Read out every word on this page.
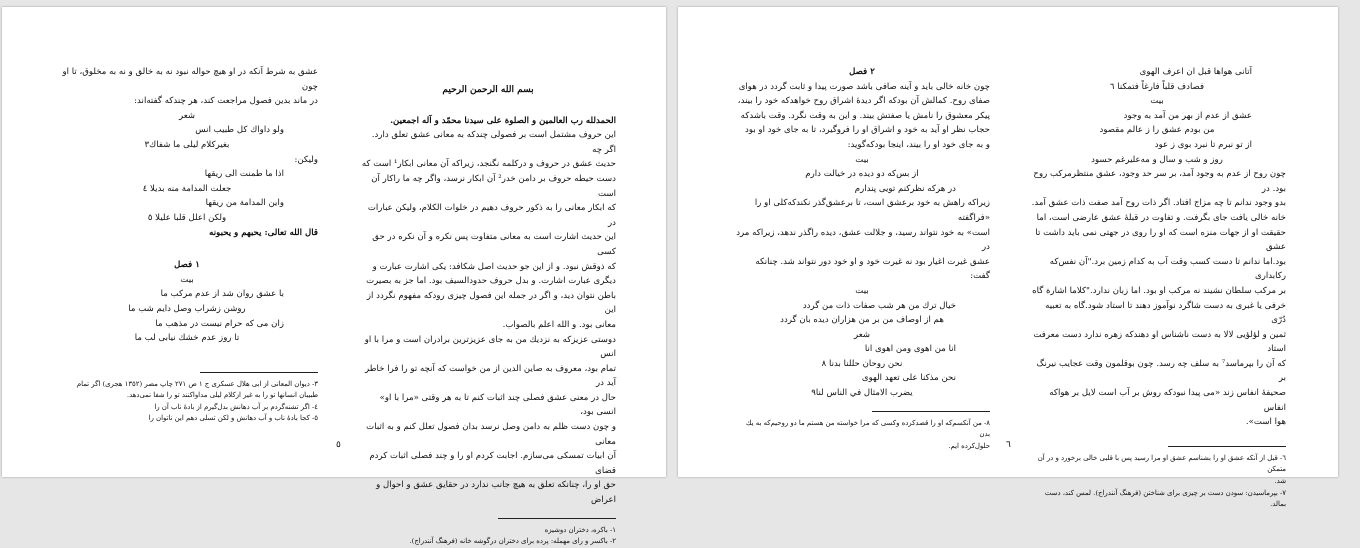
عشق به شرط آنکه در او هیچ حواله نبود نه به خالق و نه به مخلوق، تا او چون

در ماند بدین فصول مراجعت کند، هر چندکه گفته‌اند:

شعر

ولو داواك كل طبيب انس

بغيركلام ليلى ما شفاك٣

ولیکن:

اذا ما طمنت الى ريقها

جعلت المدامة منه بديلا ٤

واين المدامة من ريقها

ولكن اعلل قلبا عليلا ٥

قال الله تعالى: يحبهم و يحبونه

١ فصل

بيت

با عشق روان شد از عدم مرکب ما

روشن زشراب وصل دایم شب ما

زان می که حرام نیست در مذهب ما

تا روز عدم خشك نیابی لب ما

٣- دیوان المعانی از ابی هلال عسکری ج ١ ص ٢٧١ چاپ مصر (١٣٥٢ هجری) اگر تمام

طبیبان انسانها تو را به غیر ازکلام لیلی مداواکنند تو را شفا نمی‌دهد.

٤- اگر تشنه‌گردم بر آب دهانش بدل‌گیرم از بادۀ ناب آن را

٥- کجا بادۀ ناب و آب دهانش و لکن تسلی دهم این ناتوان را

٥

بسم الله الرحمن الرحيم

الحمدلله رب العالمين و الصلوة على سيدنا محمّد و آله اجمعين.

این حروف مشتمل است بر فصولی چندکه به معانی عشق تعلق دارد. اگر چه

حدیث عشق در حروف و درکلمه نگنجد، زیراکه آن معانی ابکار¹ است که

دست حیطه حروف بر دامن خدر² آن ابکار نرسد، واگر چه ما راکار آن است

که ابکار معانی را به ذکور حروف دهیم در خلوات الکلام، ولیکن عبارات در

این حدیث اشارت است به معانی متفاوت پس نکره و آن نکره در حق کسی

که ذوقش نبود. و از این جو حدیث اصل شکافد: یکی اشارت عبارت و

دیگری عبارت اشارت. و بدل حروف حدودالسیف بود. اما جز به بصیرت

باطن نتوان دید، و اگر در جمله این فصول چیزی رودکه مفهوم نگردد از این

معانی بود. و الله اعلم بالصواب.

دوستی عزیزکه به نزدیك من به جای عزیزترین برادران است و مرا با او انس

تمام بود، معروف به صاین الدین از من خواست که آنچه تو را فرا خاطر آید در

حال در معنی عشق فصلی چند اثبات کنم تا به هر وقتی «مرا با او» انسی بود،

و چون دست ظلم به دامن وصل نرسد بدان فصول تعلل کنم و به اثبات معانی

آن ابیات تمسکی می‌سازم. اجابت کردم او را و چند فصلی اثبات کردم قضای

حق او را، چنانکه تعلق به هیچ جانب ندارد در حقایق عشق و احوال و اعراض

١- باکره، دختران دوشیزه

٢- باکسر و رای مهمله: پرده برای دختران درگوشه خانه (فرهنگ آنندراج).

٢ فصل

چون خانه خالی باید و آینه صافی باشد صورت پیدا و ثابت گردد در هوای

صفای روح. کمالش آن بودکه اگر دیدۀ اشراق روح خواهدکه خود را بیند،

پیکر معشوق را نامش یا صفتش بیند. و این به وقت نگرد. وقت باشدکه

حجاب نظر او آید به خود و اشراق او را فروگیرد، تا به جای خود او بود

و به جای خود او را بیند، اینجا بودکه‌گوید:

بيت

از بس‌که دو دیده در خیالت دارم

در هرکه نظرکنم تویی پندارم

زیراکه راهش به خود برعشق است، تا برعشق‌گذر نکندکه‌کلی او را «فراگفته

است» به خود نتواند رسید، و جلالت عشق، دیده راگذر ندهد، زیراکه مرد در

عشق غیرت اغیار بود نه غیرت خود و او خود دور نتواند شد. چنانکه گفت:

بيت

خیال ترك من هر شب صفات ذات من گردد

هم از اوصاف من بر من هزاران دیده بان گردد

شعر

انا من اهوى ومن اهوى انا

نحن روحان حللنا بدنا ٨

نحن مذكنا على تعهد الهوى

يضرب الامثال في الناس لنا٩

٨- من آنکسم‌که او را قصدکرده وکسی که مرا خواسته من هستم ما دو روحیم‌که به یك بدن

حلول‌کرده ایم. ٦

آتانی هواها قبل ان اعرف الهوی

فصادف قلباً فارغاً فتمکنا ٦

بيت

عشق از عدم از بهر من آمد به وجود

من بودم عشق را ز عالم مقصود

از تو نبرم تا نبرد بوی ز عود

روز و شب و سال و مه‌علیرغم حسود

چون روح از عدم به وجود آمد، بر سر حد وجود، عشق منتظرمرکب روح بود. در

بدو وجود ندانم تا چه مزاج افتاد. اگر ذات روح آمد صفت ذات عشق آمد.

خانه خالی یافت جای بگرفت. و تفاوت در قبلۀ عشق عارضی است، اما

حقیقت او از جهات منزه است که او را روی در جهتی نمی باید داشت تا عشق

بود.اما ندانم تا دست کسب وقت آب به کدام زمین برد."آن نفس‌که رکابداری

بر مرکب سلطان نشیند نه مرکب او بود. اما زبان ندارد."کلاما اشارة‌ گاه

خرفی یا غبری به دست شاگرد نوآموز دهند تا استاد شود.گاه به تعبیه دُرّی

ثمین و لؤلؤیی لالا به دست ناشناس او دهندکه زهره ندارد دست معرفت استاد

که آن را بپرماسد⁷ به سلف چه رسد. چون بوقلمون وقت عجایب نیرنگ بر

صحیفۀ انفاس زند «می پیدا نبودکه روش بر آب است لایل بر هواکه انفاس

هوا است».

٦- قبل از آنکه عشق او را بشناسم عشق او مرا رسید پس با قلبی خالی برخورد و در آن متمکن

شد.

٧- بپرماسیدن: سودن دست بر چیزی برای شناختن (فرهنگ آنندراج). لمس کند، دست بمالد.
